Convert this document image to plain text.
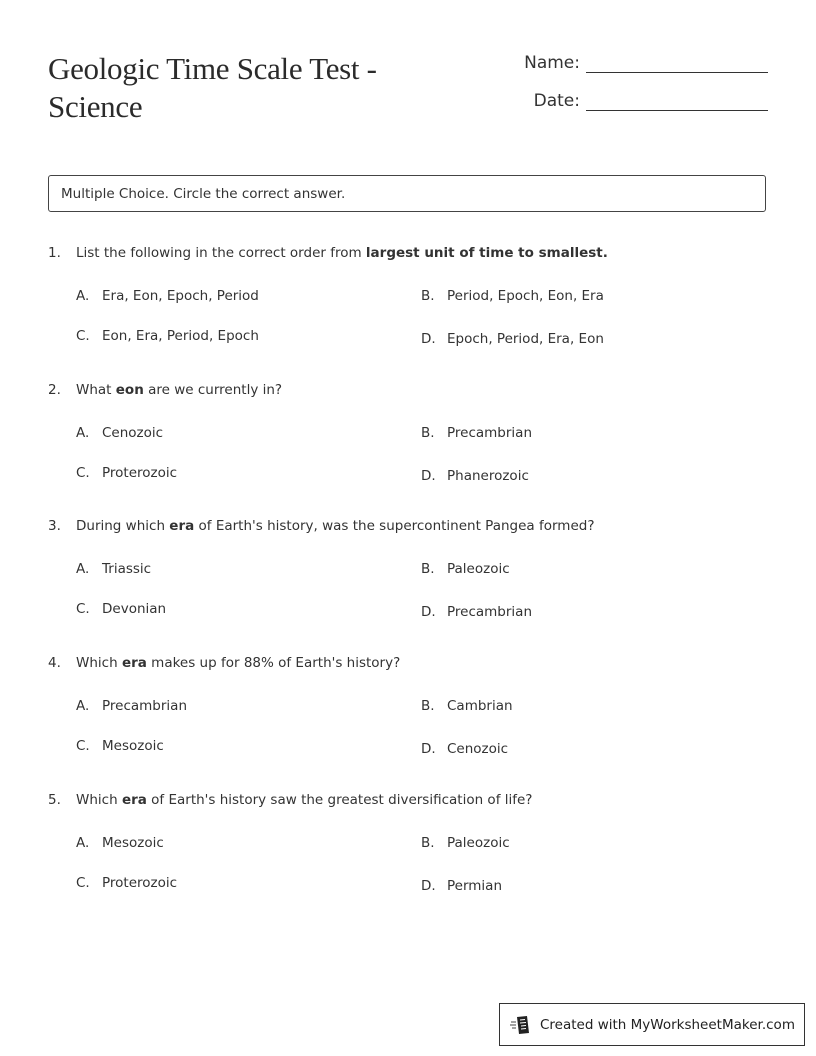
Geologic Time Scale Test - Science
Name:
Date:
Multiple Choice. Circle the correct answer.
1.	List the following in the correct order from largest unit of time to smallest.
A. Era, Eon, Epoch, Period	B. Period, Epoch, Eon, Era
C. Eon, Era, Period, Epoch	D. Epoch, Period, Era, Eon
2.	What eon are we currently in?
A. Cenozoic	B. Precambrian
C. Proterozoic	D. Phanerozoic
3.	During which era of Earth's history, was the supercontinent Pangea formed?
A. Triassic	B. Paleozoic
C. Devonian	D. Precambrian
4.	Which era makes up for 88% of Earth's history?
A. Precambrian	B. Cambrian
C. Mesozoic	D. Cenozoic
5.	Which era of Earth's history saw the greatest diversification of life?
A. Mesozoic	B. Paleozoic
C. Proterozoic	D. Permian
Created with MyWorksheetMaker.com
